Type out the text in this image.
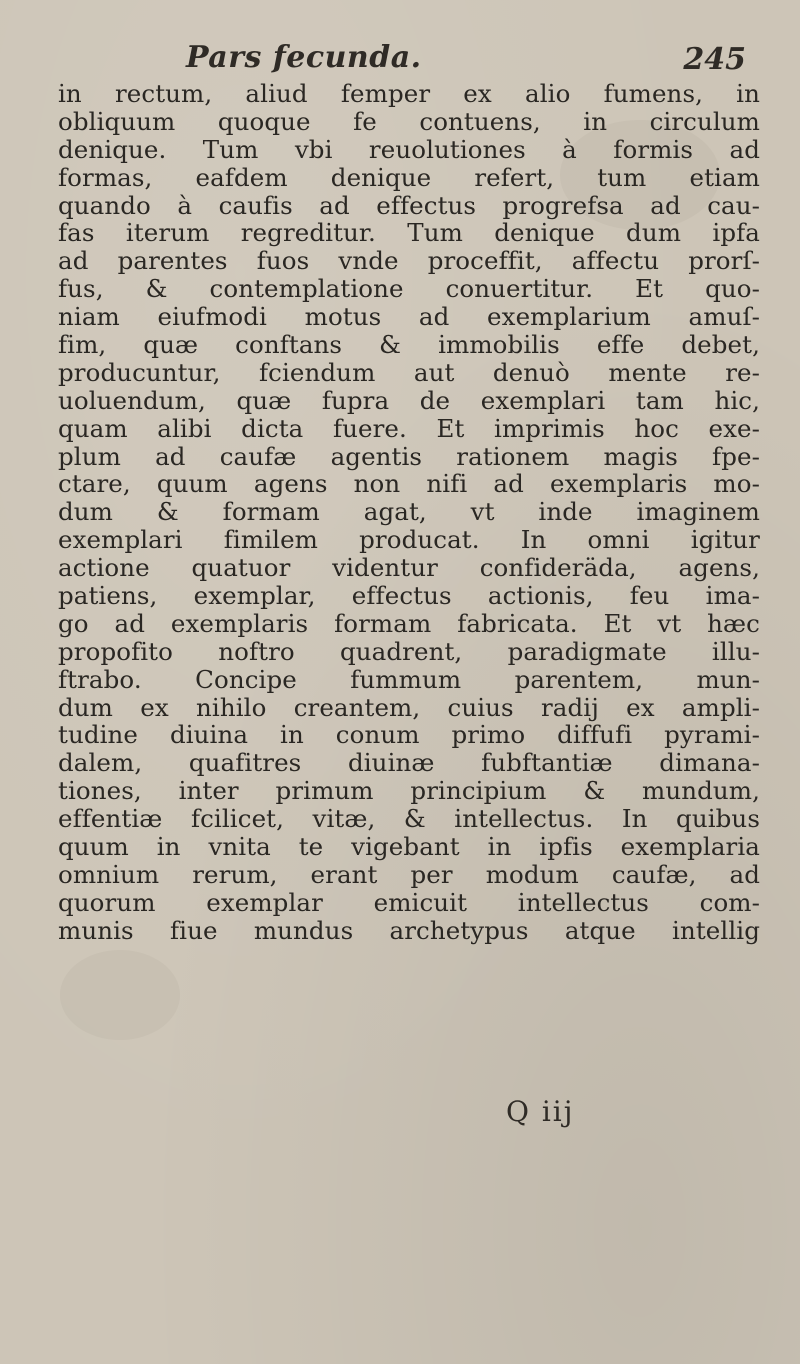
Pars fecunda.	245
in rectum, aliud femper ex alio fumens, in
obliquum quoque fe contuens, in circulum
denique. Tum vbi reuolutiones à formis ad
formas, eafdem denique refert, tum etiam
quando à caufis ad effectus progrefsa ad cau-
fas iterum regreditur. Tum denique dum ipfa
ad parentes fuos vnde proceffit, affectu prorſ-
fus, & contemplatione conuertitur. Et quo-
niam eiufmodi motus ad exemplarium amuſ-
fim, quæ conftans & immobilis effe debet,
producuntur, fciendum aut denuò mente re-
uoluendum, quæ fupra de exemplari tam hic,
quam alibi dicta fuere. Et imprimis hoc exe-
plum ad caufæ agentis rationem magis fpe-
ctare, quum agens non nifi ad exemplaris mo-
dum & formam agat, vt inde imaginem
exemplari fimilem producat. In omni igitur
actione quatuor videntur confideräda, agens,
patiens, exemplar, effectus actionis, feu ima-
go ad exemplaris formam fabricata. Et vt hæc
propofito noftro quadrent, paradigmate illu-
ftrabo. Concipe fummum parentem, mun-
dum ex nihilo creantem, cuius radij ex ampli-
tudine diuina in conum primo diffufi pyrami-
dalem, quafitres diuinæ fubftantiæ dimana-
tiones, inter primum principium & mundum,
effentiæ fcilicet, vitæ, & intellectus. In quibus
quum in vnita te vigebant in ipfis exemplaria
omnium rerum, erant per modum caufæ, ad
quorum exemplar emicuit intellectus com-
munis fiue mundus archetypus atque intellig
Q iij
